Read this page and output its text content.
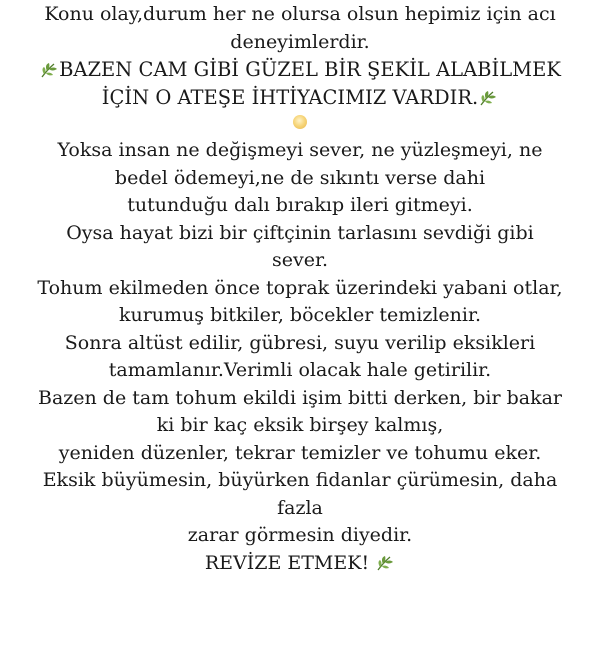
Konu olay,durum her ne olursa olsun hepimiz için acı
deneyimlerdir.
BAZEN CAM GİBİ GÜZEL BİR ŞEKİL ALABİLMEK
İÇİN O ATEŞE İHTİYACIMIZ VARDIR.
Yoksa insan ne değişmeyi sever, ne yüzleşmeyi, ne
bedel ödemeyi,ne de sıkıntı verse dahi
tutunduğu dalı bırakıp ileri gitmeyi.
Oysa hayat bizi bir çiftçinin tarlasını sevdiği gibi
sever.
Tohum ekilmeden önce toprak üzerindeki yabani otlar,
kurumuş bitkiler, böcekler temizlenir.
Sonra altüst edilir, gübresi, suyu verilip eksikleri
tamamlanır.Verimli olacak hale getirilir.
Bazen de tam tohum ekildi işim bitti derken, bir bakar
ki bir kaç eksik birşey kalmış,
yeniden düzenler, tekrar temizler ve tohumu eker.
Eksik büyümesin, büyürken fidanlar çürümesin, daha
fazla
zarar görmesin diyedir.
REVİZE ETMEK!
